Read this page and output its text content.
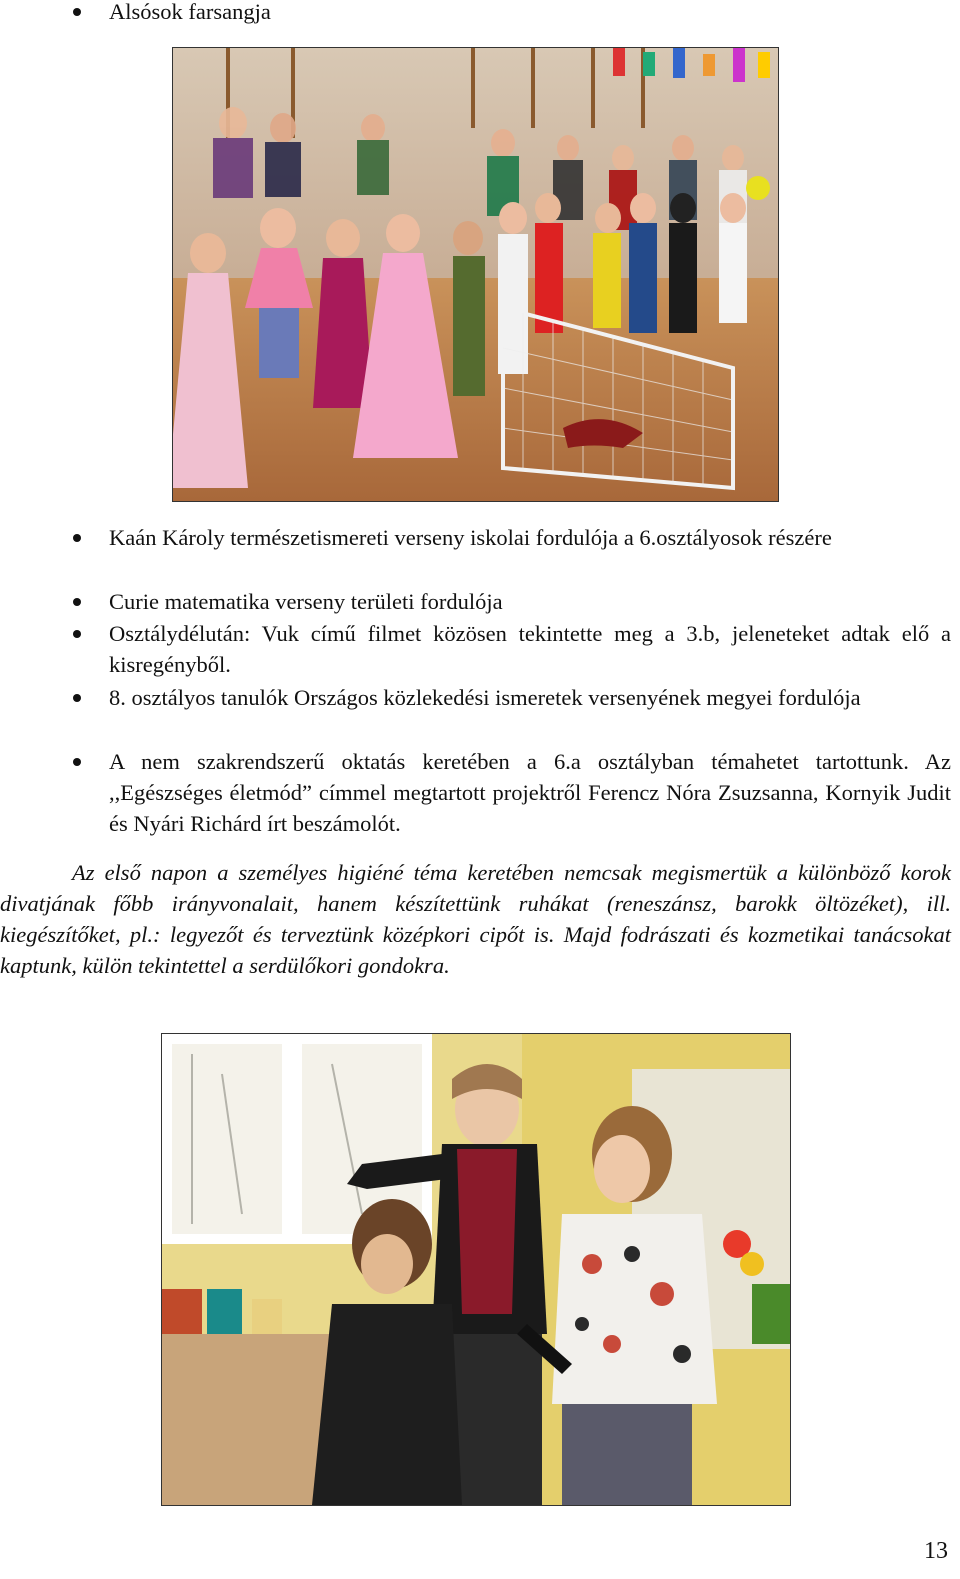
Alsósok farsangja
Kaán Károly természetismereti verseny iskolai fordulója a 6.osztályosok részére
Curie matematika verseny területi fordulója
Osztálydélután: Vuk című filmet közösen tekintette meg a 3.b, jeleneteket adtak elő a kisregényből.
8. osztályos tanulók Országos közlekedési ismeretek versenyének megyei fordulója
A nem szakrendszerű oktatás keretében a 6.a osztályban témahetet tartottunk. Az ,,Egészséges életmód” címmel megtartott projektről Ferencz Nóra Zsuzsanna, Kornyik Judit és Nyári Richárd írt beszámolót.
Az első napon a személyes higiéné téma keretében nemcsak megismertük a különböző korok divatjának főbb irányvonalait, hanem készítettünk ruhákat (reneszánsz, barokk öltözéket), ill. kiegészítőket, pl.: legyezőt és terveztünk középkori cipőt is. Majd fodrászati és kozmetikai tanácsokat kaptunk, külön tekintettel a serdülőkori gondokra.
13
